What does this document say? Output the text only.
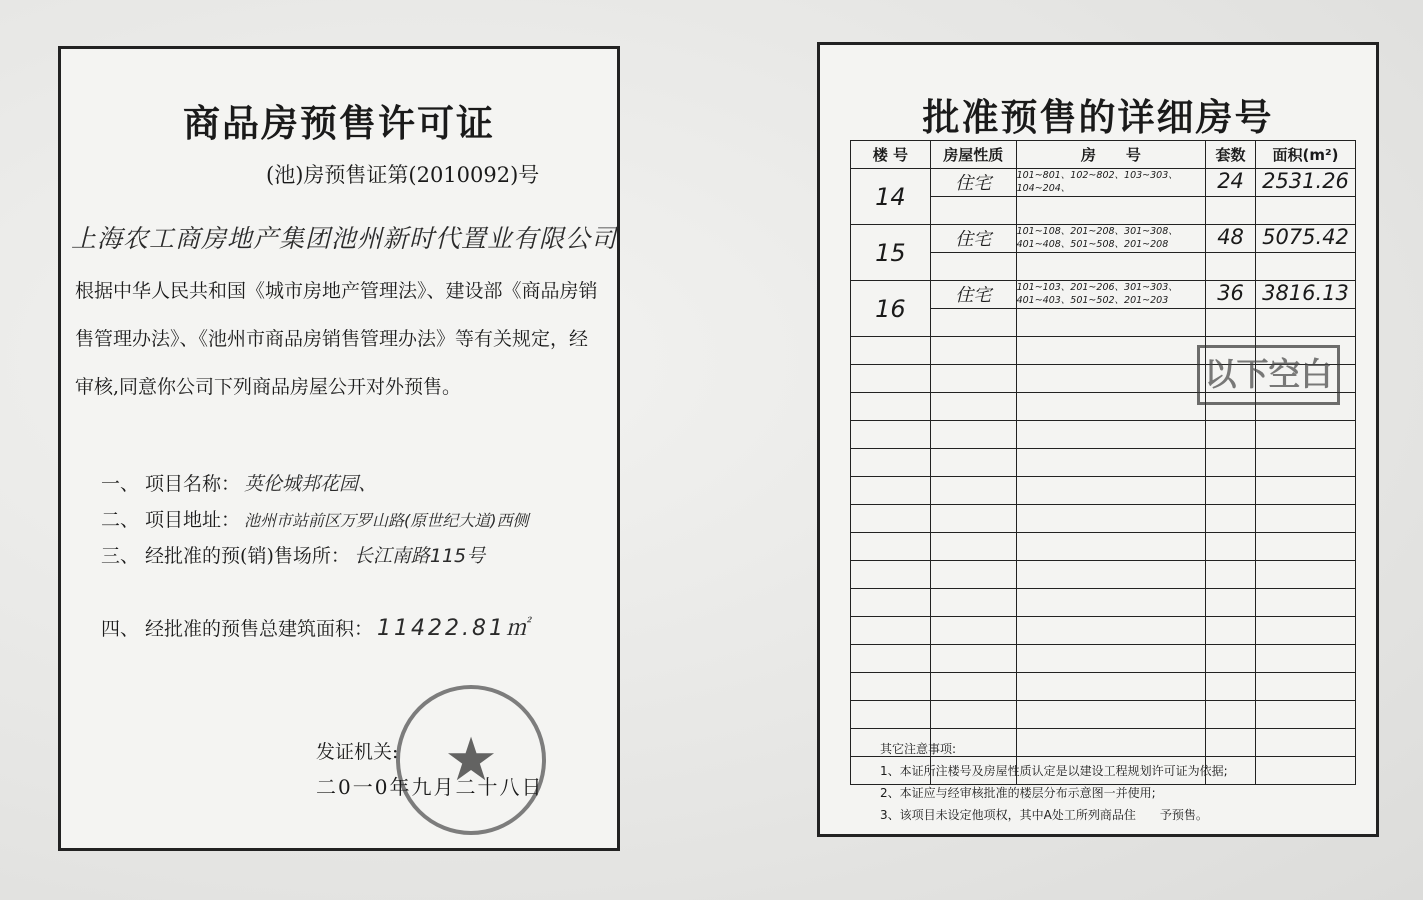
商品房预售许可证
(池)房预售证第(2010092)号
上海农工商房地产集团池州新时代置业有限公司
根据中华人民共和国《城市房地产管理法》、建设部《商品房销售管理办法》、《池州市商品房销售管理办法》等有关规定，经审核,同意你公司下列商品房屋公开对外预售。
一、 项目名称： 英伦城邦花园、
二、 项目地址： 池州市站前区万罗山路(原世纪大道)西侧
三、 经批准的预(销)售场所： 长江南路115号
四、 经批准的预售总建筑面积： 11422.81㎡
★
发证机关:
二0一0年九月二十八日
批准预售的详细房号
楼 号	房屋性质	房　　号	套数	面积(m²)
14	住宅	101~801、102~802、103~303、104~204、	24	2531.26

15	住宅	101~108、201~208、301~308、401~408、501~508、201~208	48	5075.42

16	住宅	101~103、201~206、301~303、401~403、501~502、201~203	36	3816.13

以下空白
其它注意事项:
1、本证所注楼号及房屋性质认定是以建设工程规划许可证为依据;
2、本证应与经审核批准的楼层分布示意图一并使用;
3、该项目未设定他项权，其中A处工所列商品住　　予预售。
